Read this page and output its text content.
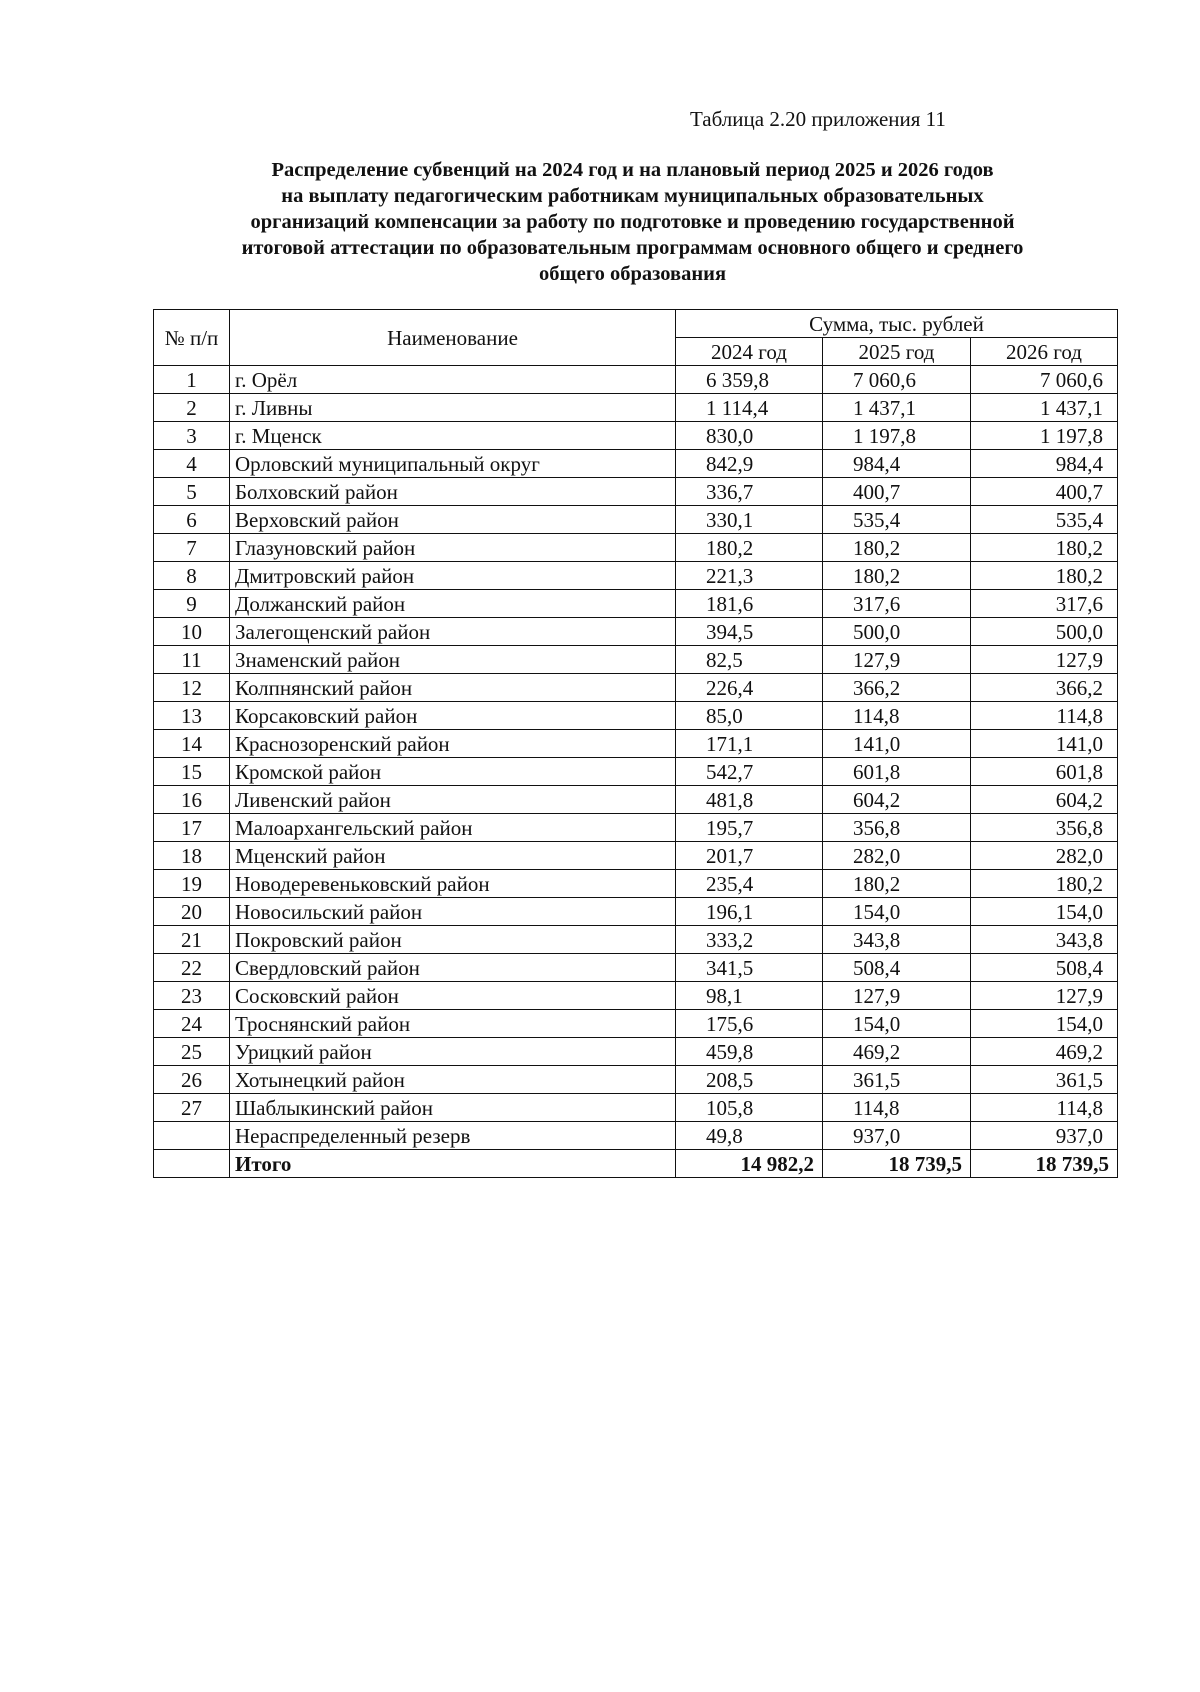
Таблица 2.20 приложения 11
Распределение субвенций на 2024 год и на плановый период 2025 и 2026 годов
на выплату педагогическим работникам муниципальных образовательных
организаций компенсации за работу по подготовке и проведению государственной
итоговой аттестации по образовательным программам основного общего и среднего
общего образования
№ п/п	Наименование	Сумма, тыс. рублей		
		2024 год	2025 год	2026 год
1	г. Орёл	6 359,8	7 060,6	7 060,6
2	г. Ливны	1 114,4	1 437,1	1 437,1
3	г. Мценск	830,0	1 197,8	1 197,8
4	Орловский муниципальный округ	842,9	984,4	984,4
5	Болховский район	336,7	400,7	400,7
6	Верховский район	330,1	535,4	535,4
7	Глазуновский район	180,2	180,2	180,2
8	Дмитровский район	221,3	180,2	180,2
9	Должанский район	181,6	317,6	317,6
10	Залегощенский район	394,5	500,0	500,0
11	Знаменский район	82,5	127,9	127,9
12	Колпнянский район	226,4	366,2	366,2
13	Корсаковский район	85,0	114,8	114,8
14	Краснозоренский район	171,1	141,0	141,0
15	Кромской район	542,7	601,8	601,8
16	Ливенский район	481,8	604,2	604,2
17	Малоархангельский район	195,7	356,8	356,8
18	Мценский район	201,7	282,0	282,0
19	Новодеревеньковский район	235,4	180,2	180,2
20	Новосильский район	196,1	154,0	154,0
21	Покровский район	333,2	343,8	343,8
22	Свердловский район	341,5	508,4	508,4
23	Сосковский район	98,1	127,9	127,9
24	Троснянский район	175,6	154,0	154,0
25	Урицкий район	459,8	469,2	469,2
26	Хотынецкий район	208,5	361,5	361,5
27	Шаблыкинский район	105,8	114,8	114,8
	Нераспределенный резерв	49,8	937,0	937,0
	Итого	14 982,2	18 739,5	18 739,5
